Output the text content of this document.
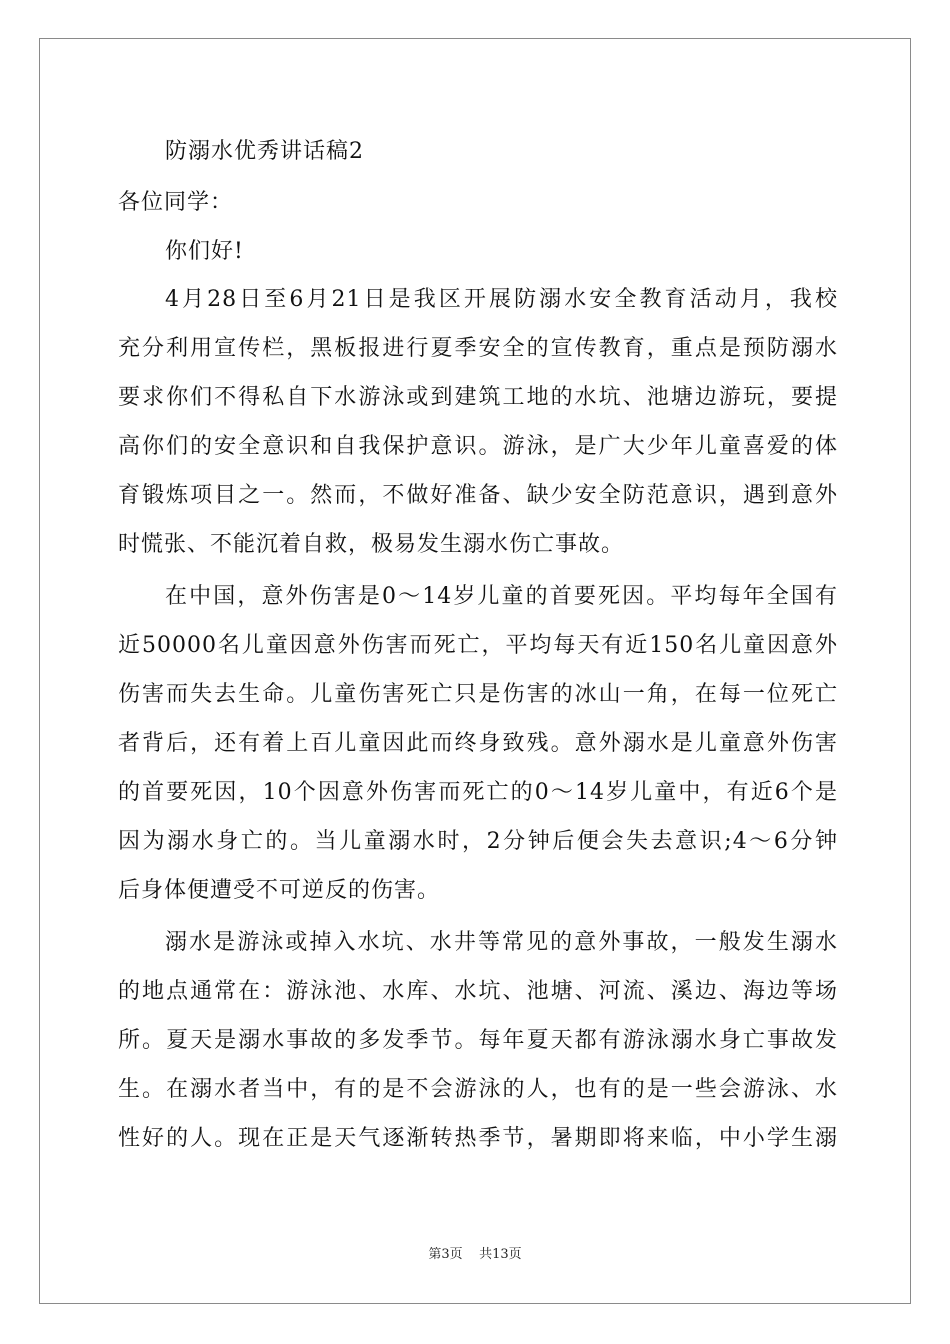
防溺水优秀讲话稿2
各位同学：
你们好!
4月28日至6月21日是我区开展防溺水安全教育活动月，我校
充分利用宣传栏，黑板报进行夏季安全的宣传教育，重点是预防溺水
要求你们不得私自下水游泳或到建筑工地的水坑、池塘边游玩，要提
高你们的安全意识和自我保护意识。游泳，是广大少年儿童喜爱的体
育锻炼项目之一。然而，不做好准备、缺少安全防范意识，遇到意外
时慌张、不能沉着自救，极易发生溺水伤亡事故。
在中国，意外伤害是0～14岁儿童的首要死因。平均每年全国有
近50000名儿童因意外伤害而死亡，平均每天有近150名儿童因意外
伤害而失去生命。儿童伤害死亡只是伤害的冰山一角，在每一位死亡
者背后，还有着上百儿童因此而终身致残。意外溺水是儿童意外伤害
的首要死因，10个因意外伤害而死亡的0～14岁儿童中，有近6个是
因为溺水身亡的。当儿童溺水时，2分钟后便会失去意识;4～6分钟
后身体便遭受不可逆反的伤害。
溺水是游泳或掉入水坑、水井等常见的意外事故，一般发生溺水
的地点通常在：游泳池、水库、水坑、池塘、河流、溪边、海边等场
所。夏天是溺水事故的多发季节。每年夏天都有游泳溺水身亡事故发
生。在溺水者当中，有的是不会游泳的人，也有的是一些会游泳、水
性好的人。现在正是天气逐渐转热季节，暑期即将来临，中小学生溺
第3页 共13页
